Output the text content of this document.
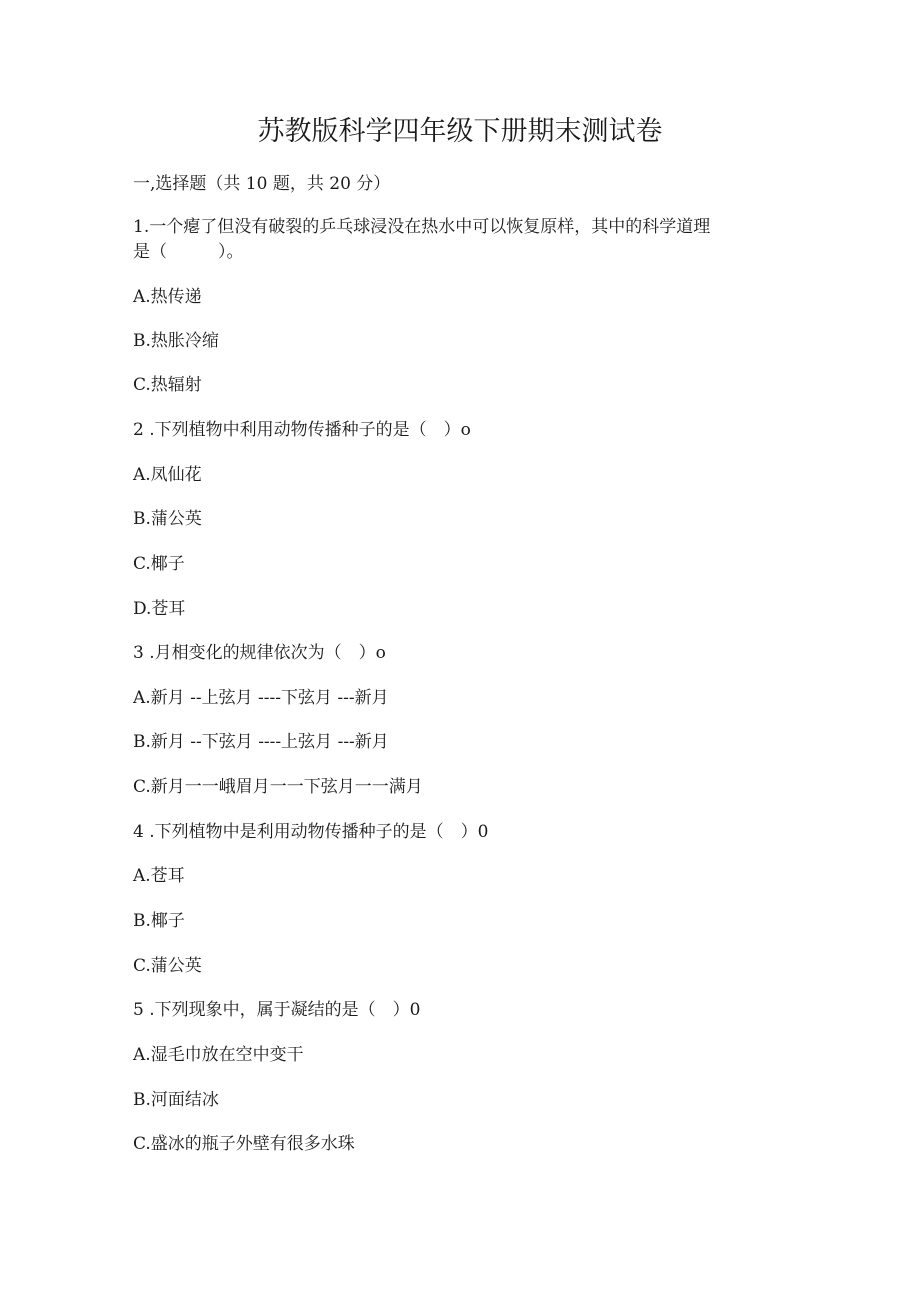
苏教版科学四年级下册期末测试卷
一,选择题（共 10 题，共 20 分）
1.一个瘪了但没有破裂的乒乓球浸没在热水中可以恢复原样，其中的科学道理
是（　　　）。
A.热传递
B.热胀冷缩
C.热辐射
2 .下列植物中利用动物传播种子的是（　）o
A.凤仙花
B.蒲公英
C.椰子
D.苍耳
3 .月相变化的规律依次为（　）o
A.新月 --上弦月 ----下弦月 ---新月
B.新月 --下弦月 ----上弦月 ---新月
C.新月一一峨眉月一一下弦月一一满月
4 .下列植物中是利用动物传播种子的是（　）0
A.苍耳
B.椰子
C.蒲公英
5 .下列现象中，属于凝结的是（　）0
A.湿毛巾放在空中变干
B.河面结冰
C.盛冰的瓶子外壁有很多水珠
